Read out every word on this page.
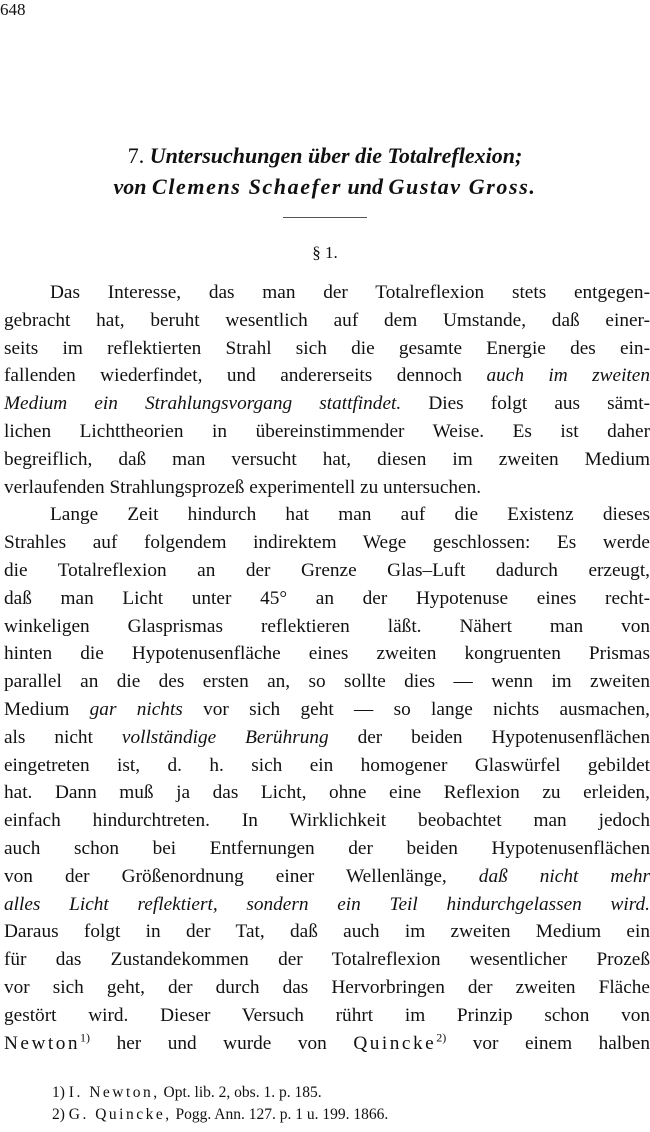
648
7. Untersuchungen über die Totalreflexion;
von Clemens Schaefer und Gustav Gross.
§ 1.
Das Interesse, das man der Totalreflexion stets entgegen-
gebracht hat, beruht wesentlich auf dem Umstande, daß einer-
seits im reflektierten Strahl sich die gesamte Energie des ein-
fallenden wiederfindet, und andererseits dennoch auch im zweiten
Medium ein Strahlungsvorgang stattfindet. Dies folgt aus sämt-
lichen Lichttheorien in übereinstimmender Weise. Es ist daher
begreiflich, daß man versucht hat, diesen im zweiten Medium
verlaufenden Strahlungsprozeß experimentell zu untersuchen.
Lange Zeit hindurch hat man auf die Existenz dieses
Strahles auf folgendem indirektem Wege geschlossen: Es werde
die Totalreflexion an der Grenze Glas–Luft dadurch erzeugt,
daß man Licht unter 45° an der Hypotenuse eines recht-
winkeligen Glasprismas reflektieren läßt. Nähert man von
hinten die Hypotenusenfläche eines zweiten kongruenten Prismas
parallel an die des ersten an, so sollte dies — wenn im zweiten
Medium gar nichts vor sich geht — so lange nichts ausmachen,
als nicht vollständige Berührung der beiden Hypotenusenflächen
eingetreten ist, d. h. sich ein homogener Glaswürfel gebildet
hat. Dann muß ja das Licht, ohne eine Reflexion zu erleiden,
einfach hindurchtreten. In Wirklichkeit beobachtet man jedoch
auch schon bei Entfernungen der beiden Hypotenusenflächen
von der Größenordnung einer Wellenlänge, daß nicht mehr
alles Licht reflektiert, sondern ein Teil hindurchgelassen wird.
Daraus folgt in der Tat, daß auch im zweiten Medium ein
für das Zustandekommen der Totalreflexion wesentlicher Prozeß
vor sich geht, der durch das Hervorbringen der zweiten Fläche
gestört wird. Dieser Versuch rührt im Prinzip schon von
Newton$^{1)}$ her und wurde von Quincke$^{2)}$ vor einem halben
1) I. Newton, Opt. lib. 2, obs. 1. p. 185.
2) G. Quincke, Pogg. Ann. 127. p. 1 u. 199. 1866.
